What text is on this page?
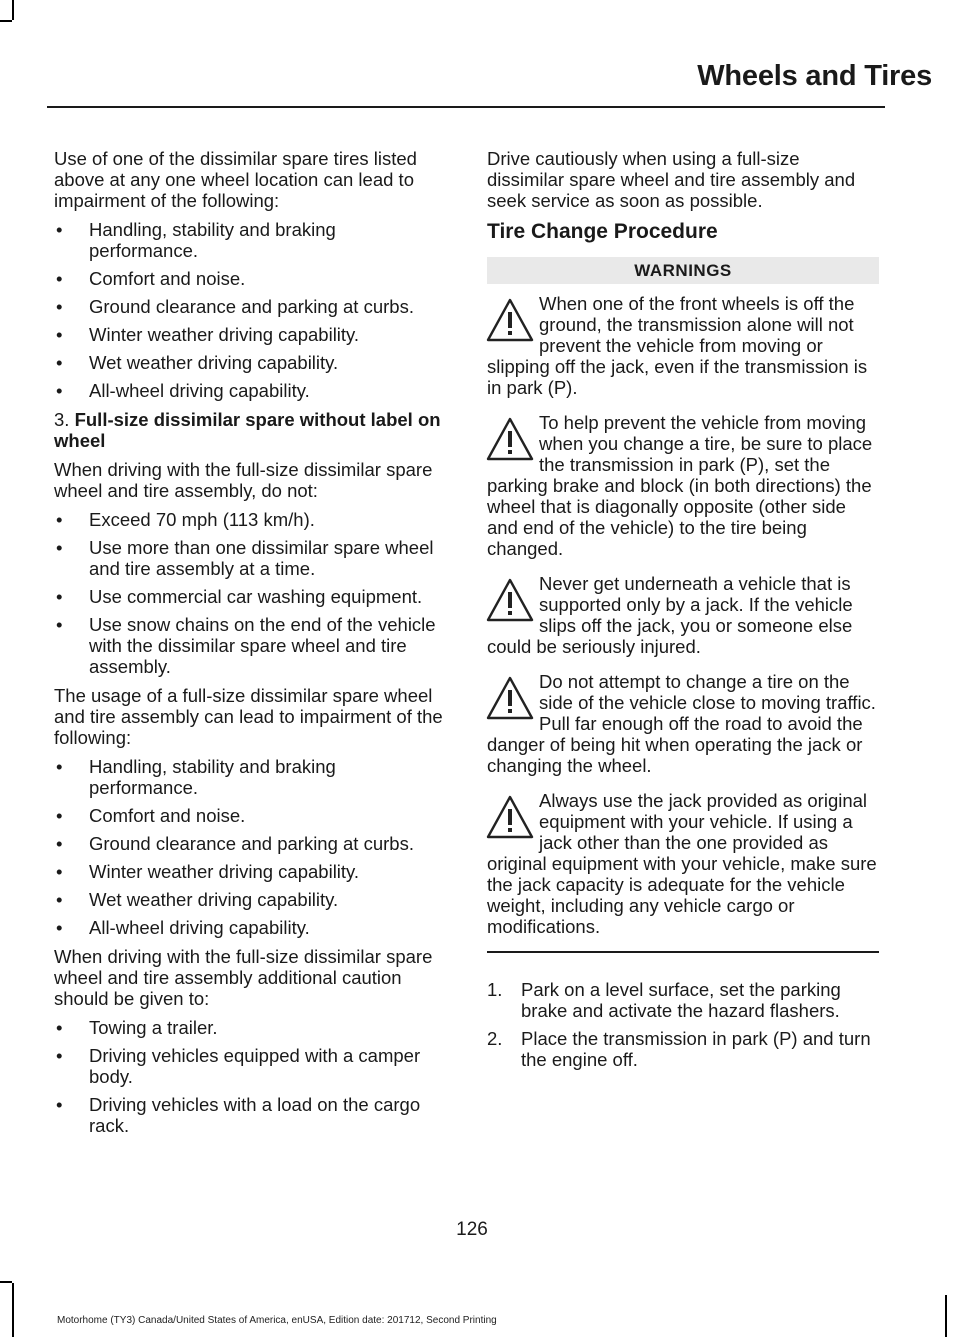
Wheels and Tires

Use of one of the dissimilar spare tires listed above at any one wheel location can lead to impairment of the following:

• Handling, stability and braking performance.
• Comfort and noise.
• Ground clearance and parking at curbs.
• Winter weather driving capability.
• Wet weather driving capability.
• All-wheel driving capability.

3. Full-size dissimilar spare without label on wheel

When driving with the full-size dissimilar spare wheel and tire assembly, do not:

• Exceed 70 mph (113 km/h).
• Use more than one dissimilar spare wheel and tire assembly at a time.
• Use commercial car washing equipment.
• Use snow chains on the end of the vehicle with the dissimilar spare wheel and tire assembly.

The usage of a full-size dissimilar spare wheel and tire assembly can lead to impairment of the following:

• Handling, stability and braking performance.
• Comfort and noise.
• Ground clearance and parking at curbs.
• Winter weather driving capability.
• Wet weather driving capability.
• All-wheel driving capability.

When driving with the full-size dissimilar spare wheel and tire assembly additional caution should be given to:

• Towing a trailer.
• Driving vehicles equipped with a camper body.
• Driving vehicles with a load on the cargo rack.

Drive cautiously when using a full-size dissimilar spare wheel and tire assembly and seek service as soon as possible.

Tire Change Procedure
WARNINGS
When one of the front wheels is off the ground, the transmission alone will not prevent the vehicle from moving or slipping off the jack, even if the transmission is in park (P).
To help prevent the vehicle from moving when you change a tire, be sure to place the transmission in park (P), set the parking brake and block (in both directions) the wheel that is diagonally opposite (other side and end of the vehicle) to the tire being changed.
Never get underneath a vehicle that is supported only by a jack. If the vehicle slips off the jack, you or someone else could be seriously injured.
Do not attempt to change a tire on the side of the vehicle close to moving traffic. Pull far enough off the road to avoid the danger of being hit when operating the jack or changing the wheel.
Always use the jack provided as original equipment with your vehicle. If using a jack other than the one provided as original equipment with your vehicle, make sure the jack capacity is adequate for the vehicle weight, including any vehicle cargo or modifications.
1. Park on a level surface, set the parking brake and activate the hazard flashers.
2. Place the transmission in park (P) and turn the engine off.
126
Motorhome (TY3) Canada/United States of America, enUSA, Edition date: 201712, Second Printing
